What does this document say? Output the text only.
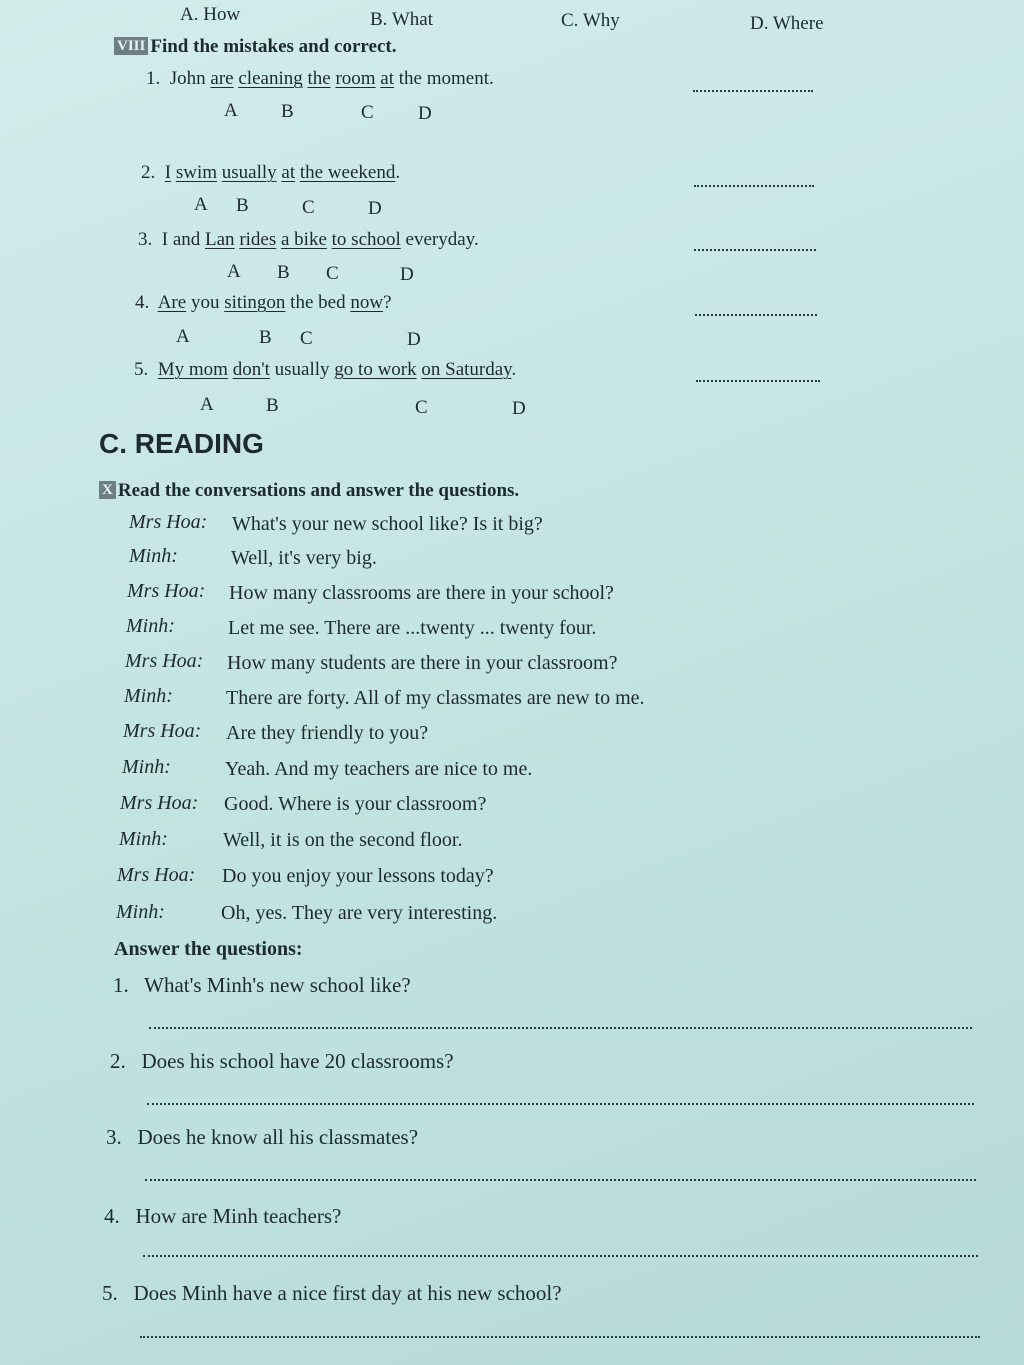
A. How	B. What	C. Why	D. Where
VIII Find the mistakes and correct.
1. John are cleaning the room at the moment.
A B	C D
2. I swim usually at the weekend.
A B	C	D
3. I and Lan rides a bike to school everyday.
A B C	D
4. Are you sitingon the bed now?
A	B C	D
5. My mom don't usually go to work on Saturday.
A	B	C	D
C. READING
X Read the conversations and answer the questions.
Mrs Hoa: What's your new school like? Is it big?
Minh:	Well, it's very big.
Mrs Hoa: How many classrooms are there in your school?
Minh:	Let me see. There are ...twenty ... twenty four.
Mrs Hoa: How many students are there in your classroom?
Minh:	There are forty. All of my classmates are new to me.
Mrs Hoa: Are they friendly to you?
Minh:	Yeah. And my teachers are nice to me.
Mrs Hoa: Good. Where is your classroom?
Minh:	Well, it is on the second floor.
Mrs Hoa: Do you enjoy your lessons today?
Minh:	Oh, yes. They are very interesting.
Answer the questions:
1. What's Minh's new school like?
2. Does his school have 20 classrooms?
3. Does he know all his classmates?
4. How are Minh teachers?
5. Does Minh have a nice first day at his new school?
